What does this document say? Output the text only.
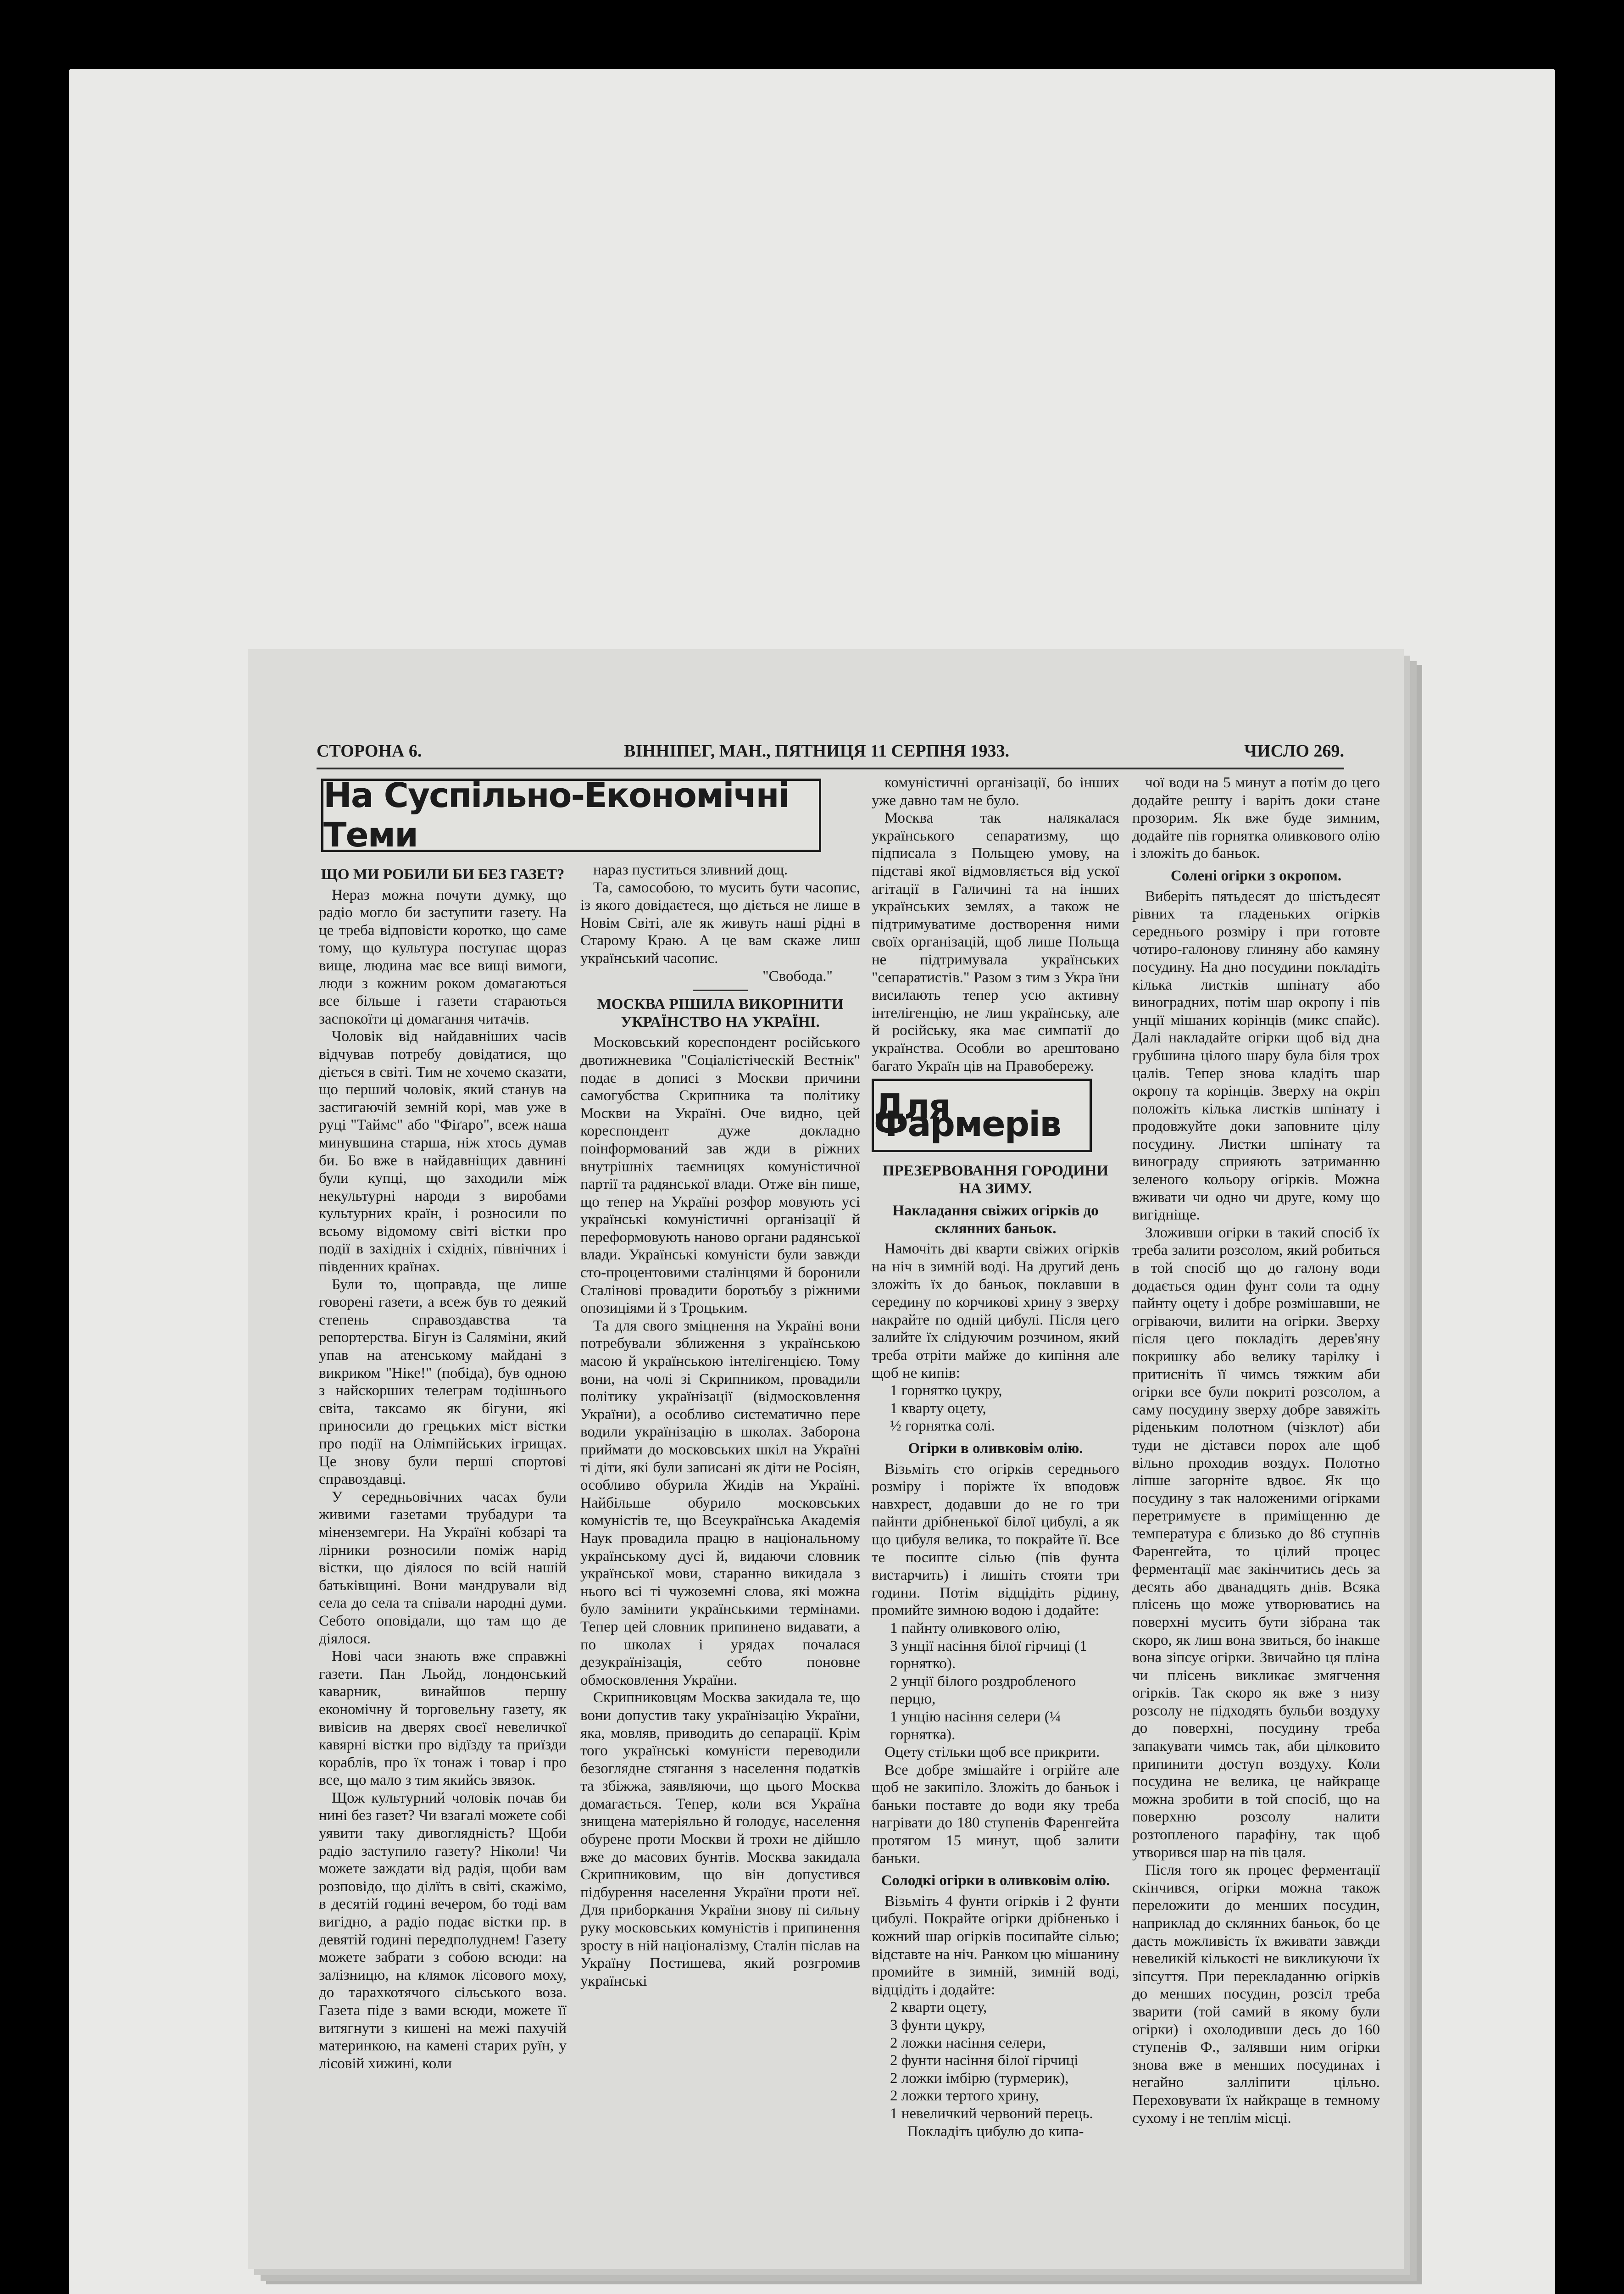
СТОРОНА 6.	ВІННІПЕГ, МАН., ПЯТНИЦЯ 11 СЕРПНЯ 1933.	ЧИСЛО 269.
На Суспільно-Економічні Теми

ЩО МИ РОБИЛИ БИ БЕЗ ГАЗЕТ?

Нераз можна почути думку, що радіо могло би заступити газету. На це треба відповісти коротко, що саме тому, що культура поступає щораз вище, людина має все вищі вимоги, люди з кожним роком домагаються все більше і газети стараються заспокоїти ці домагання читачів.

Чоловік від найдавніших часів відчував потребу довідатися, що діється в світі. Тим не хочемо сказати, що перший чоловік, який станув на застигаючій земній корі, мав уже в руці "Таймс" або "Фіґаро", всеж наша минувшина старша, ніж хтось думав би. Бо вже в найдавніщих давнині були купці, що заходили між некультурні народи з виробами культурних країн, і розносили по всьому відомому світі вістки про події в західніх і східніх, північних і південних країнах.

Були то, щоправда, ще лише говорені газети, а всеж був то деякий степень справоздавства та репортерства. Бігун із Саляміни, який упав на атенському майдані з викриком "Ніке!" (побіда), був одною з найскорших телеграм тодішнього світа, таксамо як бігуни, які приносили до грецьких міст вістки про події на Олімпійських ігрищах. Це знову були перші спортові справоздавці.

У середньовічних часах були живими газетами трубадури та міненземгери. На Україні кобзарі та лірники розносили поміж нарід вістки, що діялося по всій нашій батьківщині. Вони мандрували від села до села та співали народні думи. Себотo оповідали, що там що де діялося.

Нові часи знають вже справжні газети. Пан Льойд, лондонський каварник, винайшов першу економічну й торговельну газету, як вивісив на дверях своєї невеличкої кавярні вістки про відїзду та приїзди кораблів, про їх тонаж і товар і про все, що мало з тим якийсь звязок.

Щож культурний чоловік почав би нині без газет? Чи взагалі можете собі уявити таку дивоглядність? Щоби радіо заступило газету? Ніколи! Чи можете заждати від радія, щоби вам розповідо, що ділїть в світі, скажімо, в десятій годині вечером, бо тоді вам вигідно, а радіо подає вістки пр. в девятій годині передполуднем! Газету можете забрати з собою всюди: на залізницю, на клямок лісового моху, до тарахкотячого сільського воза. Газета піде з вами всюди, можете її витягнути з кишені на межі пахучій материнкою, на камені старих руїн, у лісовій хижині, коли

нараз пуститься зливний дощ.

Та, самособою, то мусить бути часопис, із якого довідаєтеся, що діється не лише в Новім Світі, але як живуть наші рідні в Старому Краю. А це вам скаже лиш український часопис.

"Свобода."

МОСКВА РІШИЛА ВИКОРІНИТИ УКРАЇНСТВО НА УКРАЇНІ.

Московський кореспондент російського двотижневика "Соціалістіческій Вестнік" подає в дописі з Москви причини самогубства Скрипника та політику Москви на Україні. Оче видно, цей кореспондент дуже докладно поінформований зав жди в ріжних внутрішніх таємницях комуністичної партії та радянської влади. Отже він пише, що тепер на Україні розфор мовують усі українські комуністичні організації й переформовують наново органи радянської влади. Українські комуністи були завжди сто-процентовими сталінцями й боронили Сталінові провадити боротьбу з ріжними опозиціями й з Троцьким.

Та для свого зміцнення на Україні вони потребували зближення з українською масою й українською інтелігенцією. Тому вони, на чолі зі Скрипником, провадили політику українізації (відмосковлення України), а особливо систематично пере водили українізацію в школах. Заборона приймати до московських шкіл на Україні ті діти, які були записані як діти не Росіян, особливо обурила Жидів на Україні. Найбільше обурило московських комуністів те, що Всеукраїнська Академія Наук провадила працю в національному українському дусі й, видаючи словник української мови, старанно викидала з нього всі ті чужоземні слова, які можна було замінити українськими термінами. Тепер цей словник припинено видавати, а по школах і урядах почалася дезукраїнізація, себто поновне обмосковлення України.

Скрипниковцям Москва закидала те, що вони допустив таку українізацію України, яка, мовляв, приводить до сепарації. Крім того українські комуністи переводили безоглядне стягання з населення податків та збіжжа, заявляючи, що цього Москва домагається. Тепер, коли вся Україна знищена матеріяльно й голодує, населення обурене проти Москви й трохи не дійшло вже до масових бунтів. Москва закидала Скрипниковим, що він допустився підбурення населення України проти неї. Для приборкання України знову пі сильну руку московських комуністів і припинення зросту в ній націоналізму, Сталін післав на Україну Постишева, який розгромив українські

комуністичні організації, бо інших уже давно там не було.

Москва так налякалася українського сепаратизму, що підписала з Польщею умову, на підставі якої відмовляється від ускої агітації в Галичині та на інших українських землях, а також не підтримуватиме достворення ними своїх організацій, щоб лише Польща не підтримувала українських "сепаратистів." Разом з тим з Укра їни висилають тепер усю активну інтелігенцію, не лиш українську, але й російську, яка має симпатії до українства. Особли во арештовано багато Україн ців на Правобережу.

Для Фармерів

ПРЕЗЕРВОВАННЯ ГОРОДИНИ НА ЗИМУ.

Накладання свіжих огірків до склянних баньок.

Намочіть дві кварти свіжих огірків на ніч в зимній воді. На другий день зложіть їх до баньок, поклавши в середину по корчикові хрину з зверху накрайте по одній цибулі. Після цего залийте їх слідуючим розчином, який треба отріти майже до кипіння але щоб не кипів:

1 горнятко цукру,

1 кварту оцету,

½ горнятка солі.

Огірки в оливковім олію.

Візьміть сто огірків середнього розміру і поріжте їх вподовж навхрест, додавши до не го три пайнти дрібненької білої цибулі, а як що цибуля велика, то покрайте її. Все те посипте сілью (пів фунта вистарчить) і лишіть стояти три години. Потім відцідіть рідину, промийте зимною водою і додайте:

1 пайнту оливкового олію,

3 унції насіння білої гірчиці (1 горнятко).

2 унції білого роздробленого перцю,

1 унцію насіння селери (¼ горнятка).

Оцету стільки щоб все прикрити.

Все добре змішайте і огрійте але щоб не закипіло. Зложіть до баньок і баньки поставте до води яку треба нагрівати до 180 ступенів Фаренгейта протягом 15 минут, щоб залити баньки.

Солодкі огірки в оливковім олію.

Візьміть 4 фунти огірків і 2 фунти цибулі. Покрайте огірки дрібненько і кожний шар огірків посипайте сілью; відставте на ніч. Ранком цю мішанину промийте в зимній, зимній воді, відцідіть і додайте:

2 кварти оцету,

3 фунти цукру,

2 ложки насіння селери,

2 фунти насіння білої гірчиці

2 ложки імбірю (турмерик),

2 ложки тертого хрину,

1 невеличкий червоний перець.

Покладіть цибулю до кипа-

чої води на 5 минут а потім до цего додайте решту і варіть доки стане прозорим. Як вже буде зимним, додайте пів горнятка оливкового олію і зложіть до баньок.

Солені огірки з окропом.

Виберіть пятьдесят до шістьдесят рівних та гладеньких огірків середнього розміру і при готовте чотиро-галонову глиняну або камяну посудину. На дно посудини покладіть кілька листків шпінату або виноградних, потім шар окропу і пів унції мішаних корінців (микс спайс). Далі накладайте огірки щоб від дна грубшина цілого шару була біля трох цалів. Тепер знова кладіть шар окропу та корінців. Зверху на окріп положіть кілька листків шпінату і продовжуйте доки заповните цілу посудину. Листки шпінату та винограду сприяють затриманню зеленого кольору огірків. Можна вживати чи одно чи друге, кому що вигідніще.

Зложивши огірки в такий спосіб їх треба залити розсолом, який робиться в той спосіб що до галону води додається один фунт соли та одну пайнту оцету і добре розмішавши, не огріваючи, вилити на огірки. Зверху після цего покладіть дерев'яну покришку або велику тарілку і притисніть її чимсь тяжким аби огірки все були покриті розсолом, а саму посудину зверху добре завяжіть ріденьким полотном (чізклот) аби туди не діставси порох але щоб вільно проходив воздух. Полотно ліпше загорніте вдвоє. Як що посудину з так наложеними огірками перетримуєте в приміщенню де температура є близько до 86 ступнів Фаренгейта, то цілий процес ферментації має закінчитись десь за десять або дванадцять днів. Всяка плісень що може утворюватись на поверхні мусить бути зібрана так скоро, як лиш вона звиться, бо інакше вона зіпсує огірки. Звичайно ця пліна чи плісень викликає змягчення огірків. Так скоро як вже з низу розсолу не підходять бульби воздуху до поверхні, посудину треба запакувати чимсь так, аби цілковито припинити доступ воздуху. Коли посудина не велика, це найкраще можна зробити в той спосіб, що на поверхню розсолу налити розтопленого парафіну, так щоб утворився шар на пів цаля.

Після того як процес ферментації скінчився, огірки можна також переложити до менших посудин, наприклад до склянних баньок, бо це дасть можливість їх вживати завжди невеликій кількості не викликуючи їх зіпсуття. При перекладанню огірків до менших посудин, розсіл треба зварити (той самий в якому були огірки) і охолодивши десь до 160 ступенів Ф., залявши ним огірки знова вже в менших посудинах і негайно залліпити цільно. Переховувати їх найкраще в темному сухому і не теплім місці.
